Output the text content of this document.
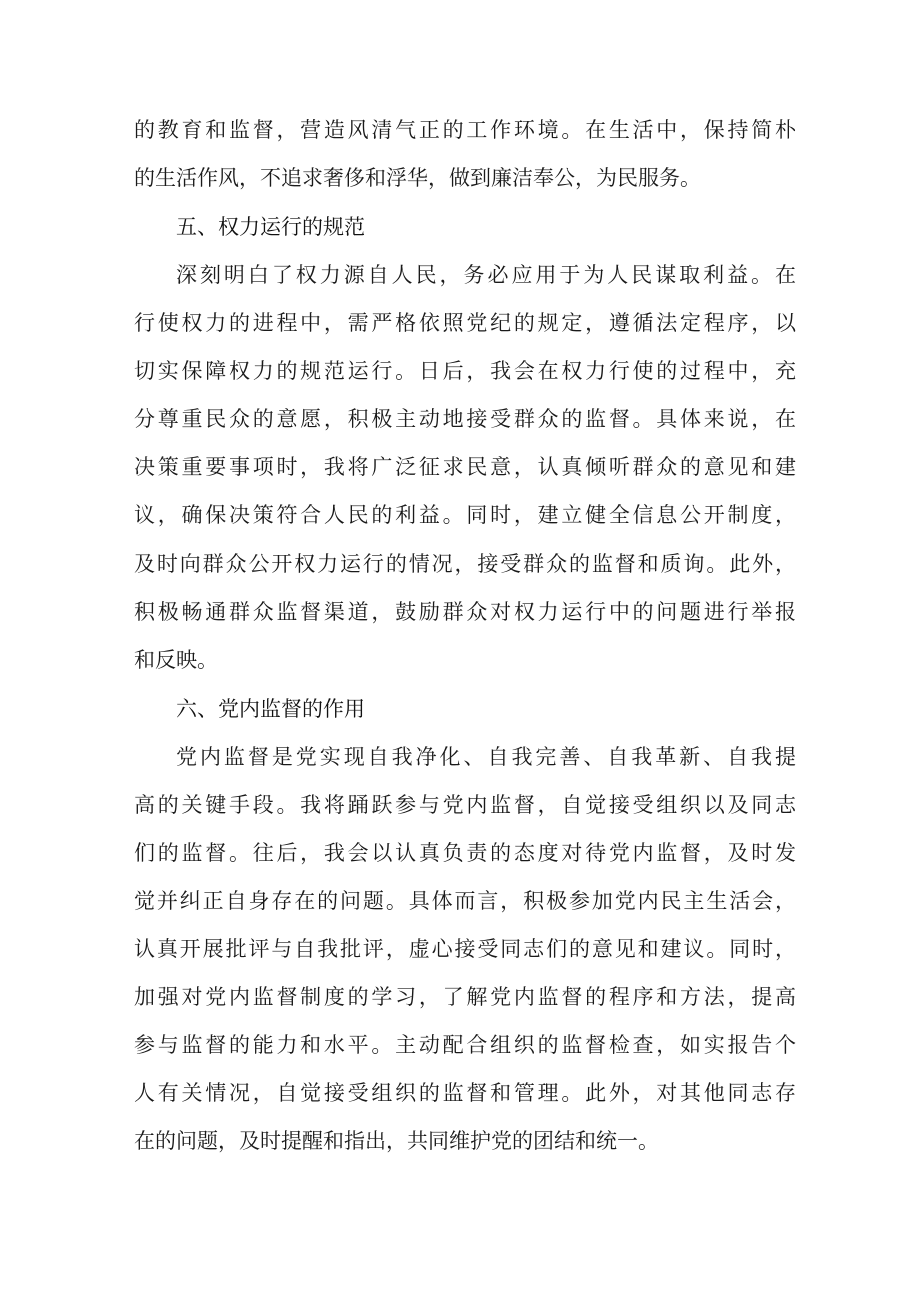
的教育和监督，营造风清气正的工作环境。在生活中，保持简朴
的生活作风，不追求奢侈和浮华，做到廉洁奉公，为民服务。
五、权力运行的规范
深刻明白了权力源自人民，务必应用于为人民谋取利益。在
行使权力的进程中，需严格依照党纪的规定，遵循法定程序，以
切实保障权力的规范运行。日后，我会在权力行使的过程中，充
分尊重民众的意愿，积极主动地接受群众的监督。具体来说，在
决策重要事项时，我将广泛征求民意，认真倾听群众的意见和建
议，确保决策符合人民的利益。同时，建立健全信息公开制度，
及时向群众公开权力运行的情况，接受群众的监督和质询。此外，
积极畅通群众监督渠道，鼓励群众对权力运行中的问题进行举报
和反映。
六、党内监督的作用
党内监督是党实现自我净化、自我完善、自我革新、自我提
高的关键手段。我将踊跃参与党内监督，自觉接受组织以及同志
们的监督。往后，我会以认真负责的态度对待党内监督，及时发
觉并纠正自身存在的问题。具体而言，积极参加党内民主生活会，
认真开展批评与自我批评，虚心接受同志们的意见和建议。同时，
加强对党内监督制度的学习，了解党内监督的程序和方法，提高
参与监督的能力和水平。主动配合组织的监督检查，如实报告个
人有关情况，自觉接受组织的监督和管理。此外，对其他同志存
在的问题，及时提醒和指出，共同维护党的团结和统一。
